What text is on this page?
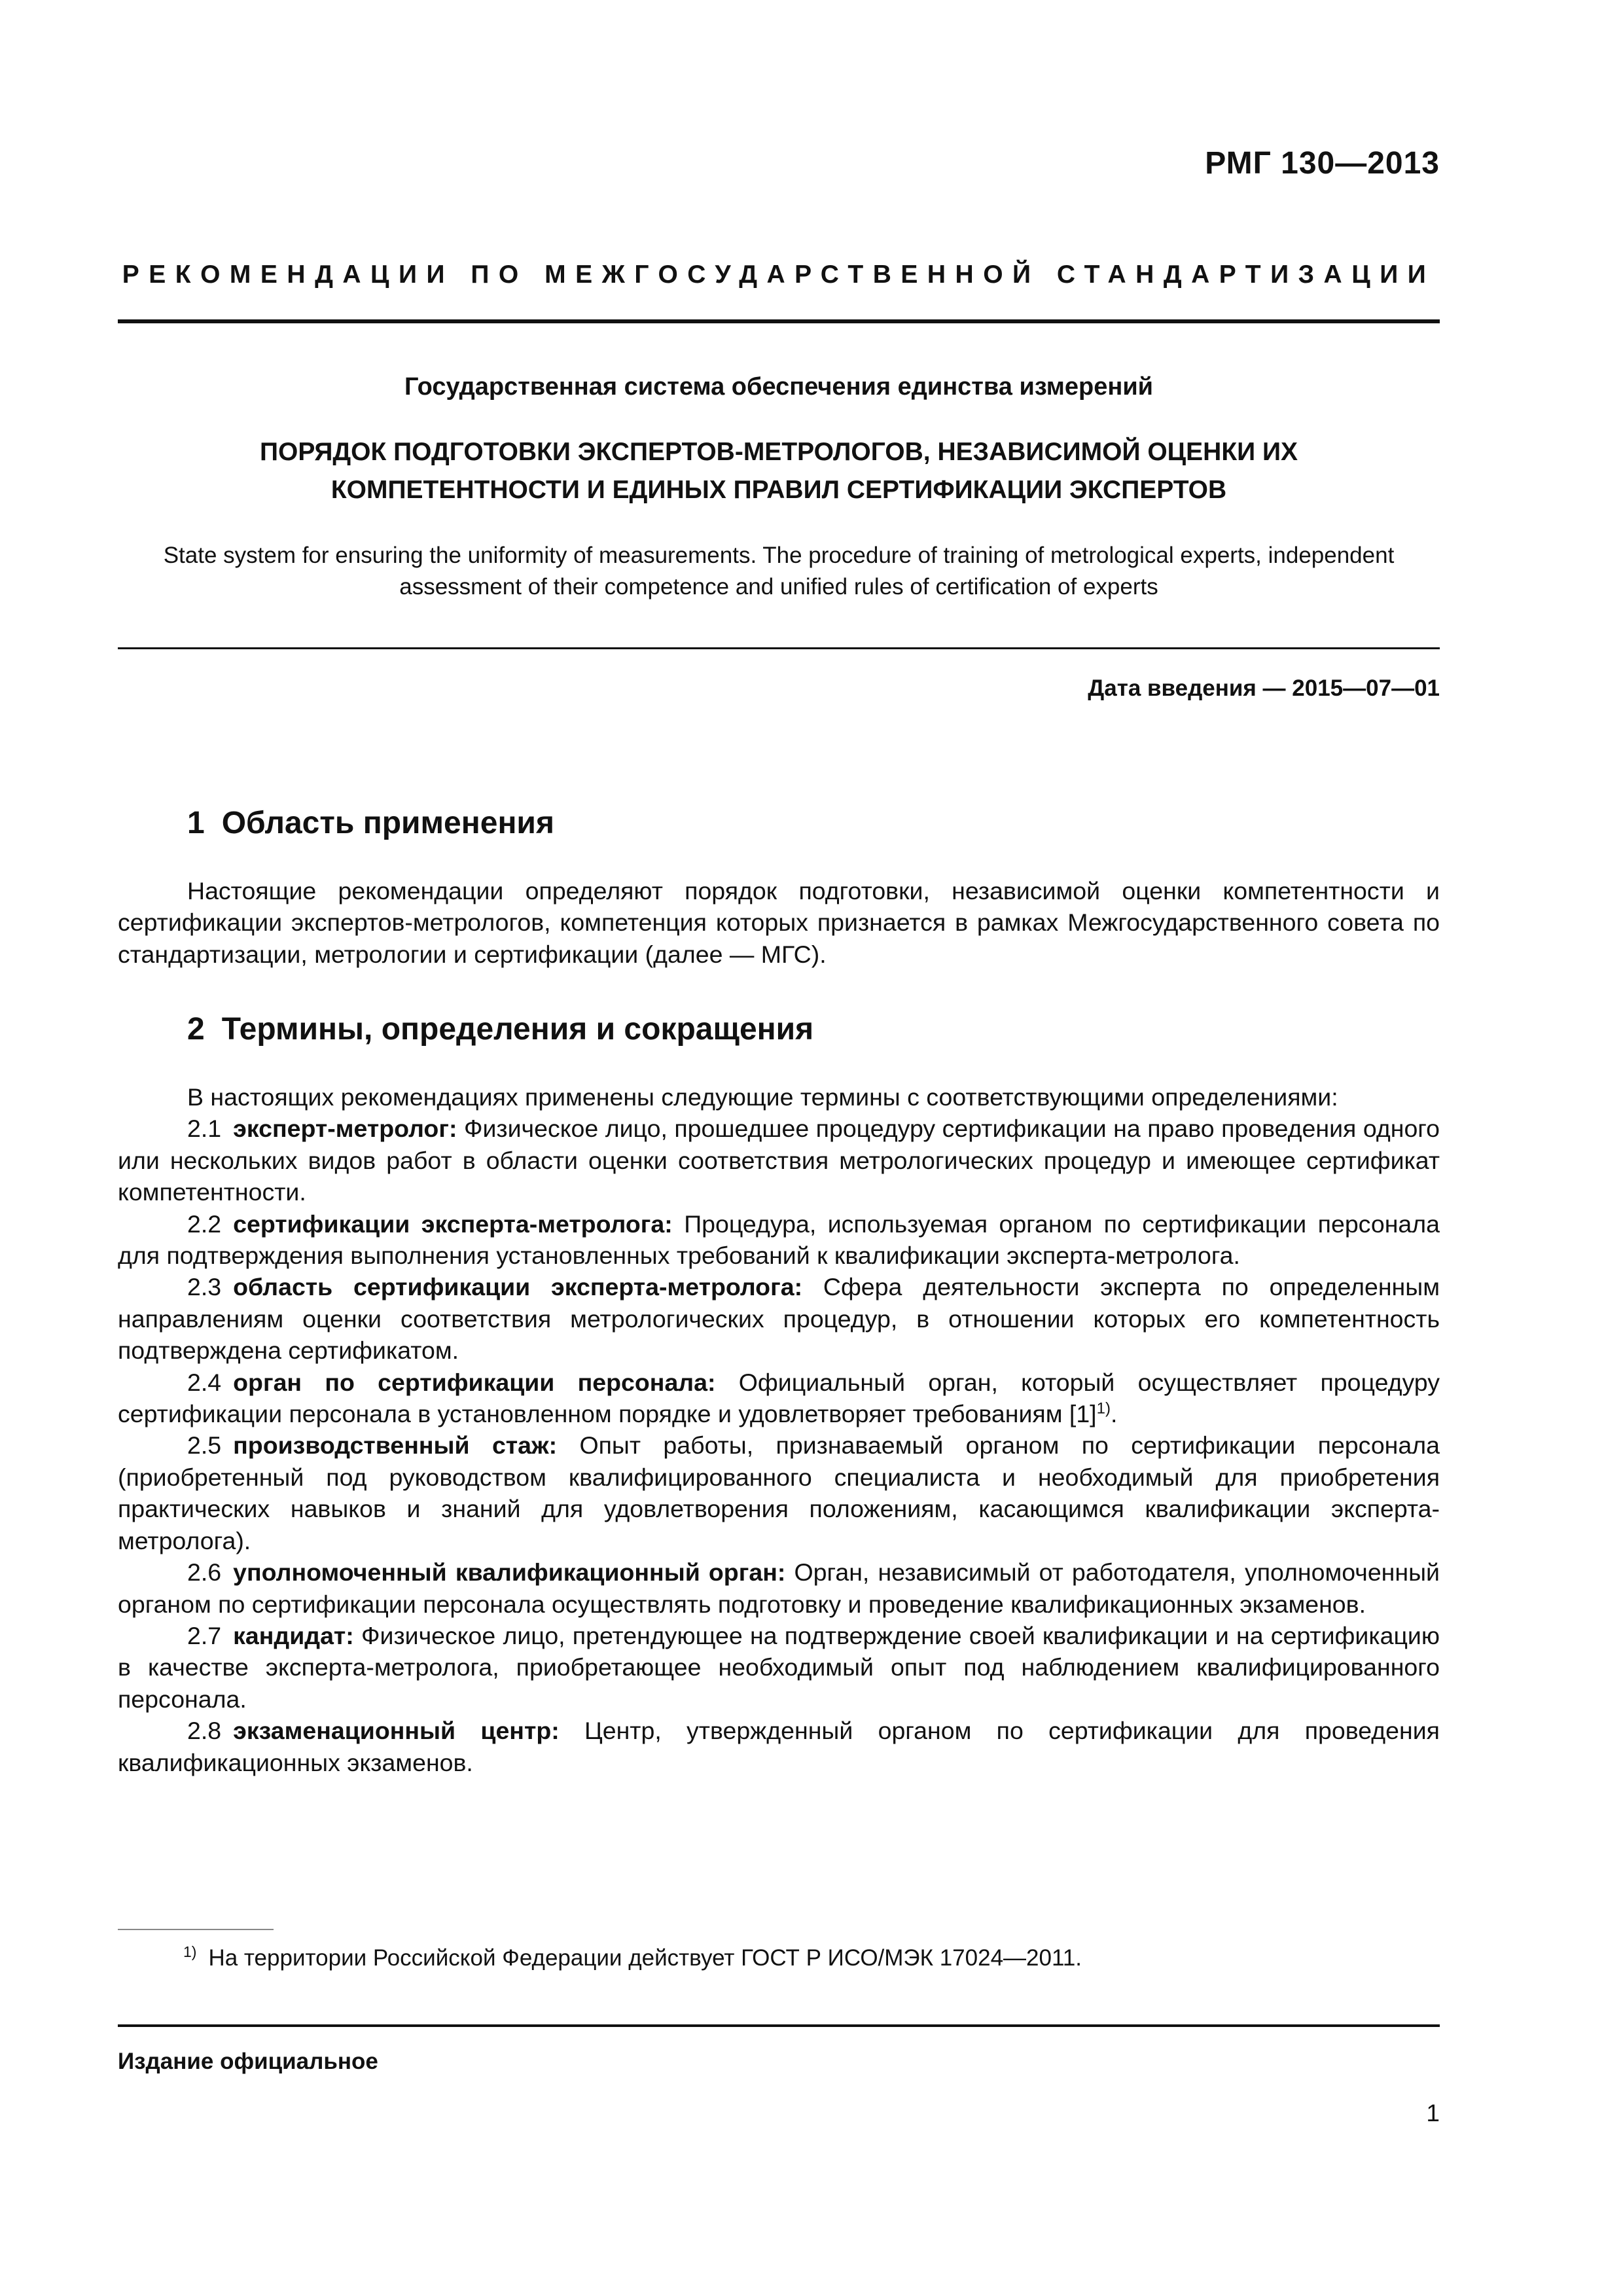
РМГ 130—2013
РЕКОМЕНДАЦИИ ПО МЕЖГОСУДАРСТВЕННОЙ СТАНДАРТИЗАЦИИ
Государственная система обеспечения единства измерений
ПОРЯДОК ПОДГОТОВКИ ЭКСПЕРТОВ-МЕТРОЛОГОВ, НЕЗАВИСИМОЙ ОЦЕНКИ ИХ
КОМПЕТЕНТНОСТИ И ЕДИНЫХ ПРАВИЛ СЕРТИФИКАЦИИ ЭКСПЕРТОВ
State system for ensuring the uniformity of measurements. The procedure of training of metrological experts, independent
assessment of their competence and unified rules of certification of experts
Дата введения — 2015—07—01
1 Область применения

Настоящие рекомендации определяют порядок подготовки, независимой оценки компетентности и сертификации экспертов-метрологов, компетенция которых признается в рамках Межгосударственного совета по стандартизации, метрологии и сертификации (далее — МГС).

2 Термины, определения и сокращения

В настоящих рекомендациях применены следующие термины с соответствующими определениями:

2.1 эксперт-метролог: Физическое лицо, прошедшее процедуру сертификации на право проведения одного или нескольких видов работ в области оценки соответствия метрологических процедур и имеющее сертификат компетентности.

2.2 сертификации эксперта-метролога: Процедура, используемая органом по сертификации персонала для подтверждения выполнения установленных требований к квалификации эксперта-метролога.

2.3 область сертификации эксперта-метролога: Сфера деятельности эксперта по определенным направлениям оценки соответствия метрологических процедур, в отношении которых его компетентность подтверждена сертификатом.

2.4 орган по сертификации персонала: Официальный орган, который осуществляет процедуру сертификации персонала в установленном порядке и удовлетворяет требованиям $[1]^{1)}$.

2.5 производственный стаж: Опыт работы, признаваемый органом по сертификации персонала (приобретенный под руководством квалифицированного специалиста и необходимый для приобретения практических навыков и знаний для удовлетворения положениям, касающимся квалификации эксперта-метролога).

2.6 уполномоченный квалификационный орган: Орган, независимый от работодателя, уполномоченный органом по сертификации персонала осуществлять подготовку и проведение квалификационных экзаменов.

2.7 кандидат: Физическое лицо, претендующее на подтверждение своей квалификации и на сертификацию в качестве эксперта-метролога, приобретающее необходимый опыт под наблюдением квалифицированного персонала.

2.8 экзаменационный центр: Центр, утвержденный органом по сертификации для проведения квалификационных экзаменов.

$^{1)}$ На территории Российской Федерации действует ГОСТ Р ИСО/МЭК 17024—2011.
Издание официальное
1
